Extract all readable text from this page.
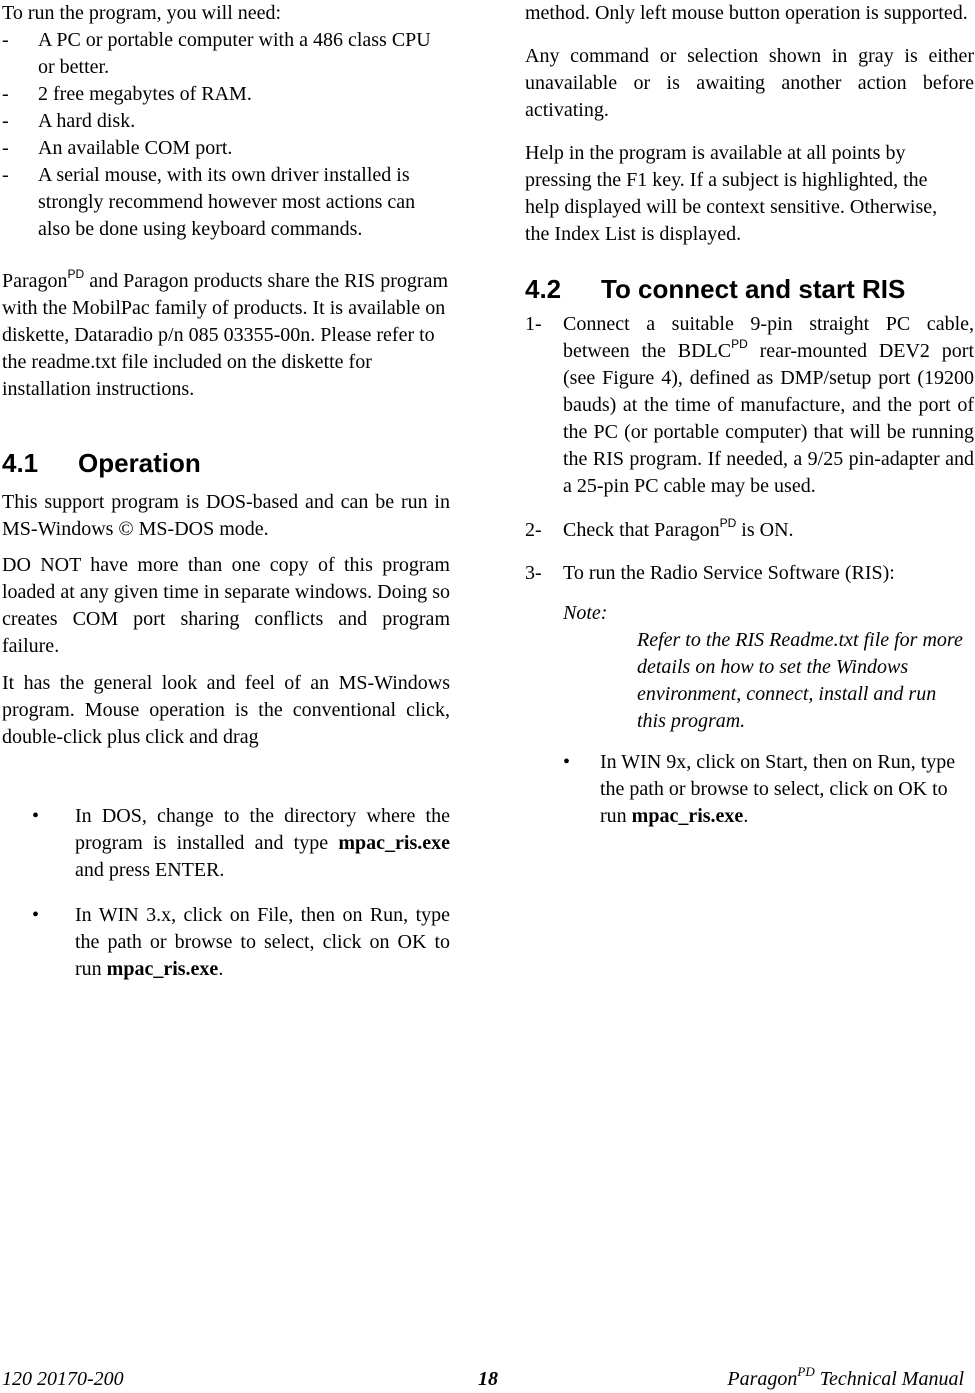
To run the program, you will need:

- A PC or portable computer with a 486 class CPU or better.
- 2 free megabytes of RAM.
- A hard disk.
- An available COM port.
- A serial mouse, with its own driver installed is strongly recommend however most actions can also be done using keyboard commands.

Paragon$^{PD}$ and Paragon products share the RIS program with the MobilPac family of products. It is available on diskette, Dataradio p/n 085 03355-00n. Please refer to the readme.txt file included on the diskette for installation instructions.

4.1 Operation

This support program is DOS-based and can be run in MS-Windows © MS-DOS mode.

DO NOT have more than one copy of this program loaded at any given time in separate windows. Doing so creates COM port sharing conflicts and program failure.

It has the general look and feel of an MS-Windows program. Mouse operation is the conventional click, double-click plus click and drag

• In DOS, change to the directory where the program is installed and type mpac_ris.exe and press ENTER.
• In WIN 3.x, click on File, then on Run, type the path or browse to select, click on OK to run mpac_ris.exe.

method. Only left mouse button operation is supported.

Any command or selection shown in gray is either unavailable or is awaiting another action before activating.

Help in the program is available at all points by pressing the F1 key. If a subject is highlighted, the help displayed will be context sensitive. Otherwise, the Index List is displayed.

4.2 To connect and start RIS
1- Connect a suitable 9-pin straight PC cable, between the $BDLC^{PD}$ rear-mounted DEV2 port (see Figure 4), defined as DMP/setup port (19200 bauds) at the time of manufacture, and the port of the PC (or portable computer) that will be running the RIS program. If needed, a 9/25 pin-adapter and a 25-pin PC cable may be used.
2- Check that Paragon$^{PD}$ is ON.
3- To run the Radio Service Software (RIS):

Note:

Refer to the RIS Readme.txt file for more details on how to set the Windows environment, connect, install and run this program.

• In WIN 9x, click on Start, then on Run, type the path or browse to select, click on OK to run mpac_ris.exe.
120 20170-200	18	Paragon$^{PD}$ Technical Manual
